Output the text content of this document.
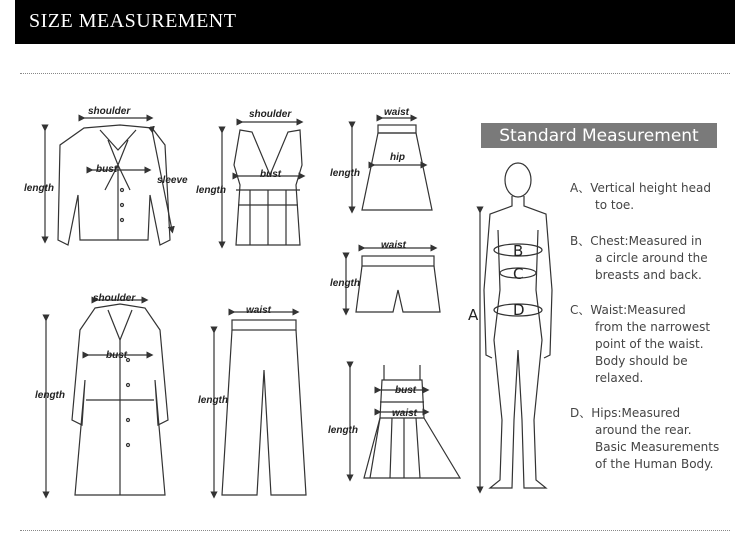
SIZE MEASUREMENT
shoulder
bust
length
sleeve
shoulder
bust
length
waist
hip
length
waist
length
shoulder
bust
length
waist
length
bust
waist
length
Standard Measurement
A
B
C
D

A、Vertical height head

to toe.

B、Chest:Measured in

a circle around the

breasts and back.

C、Waist:Measured

from the narrowest

point of the waist.

Body should be

relaxed.

D、Hips:Measured

around the rear.

Basic Measurements

of the Human Body.
